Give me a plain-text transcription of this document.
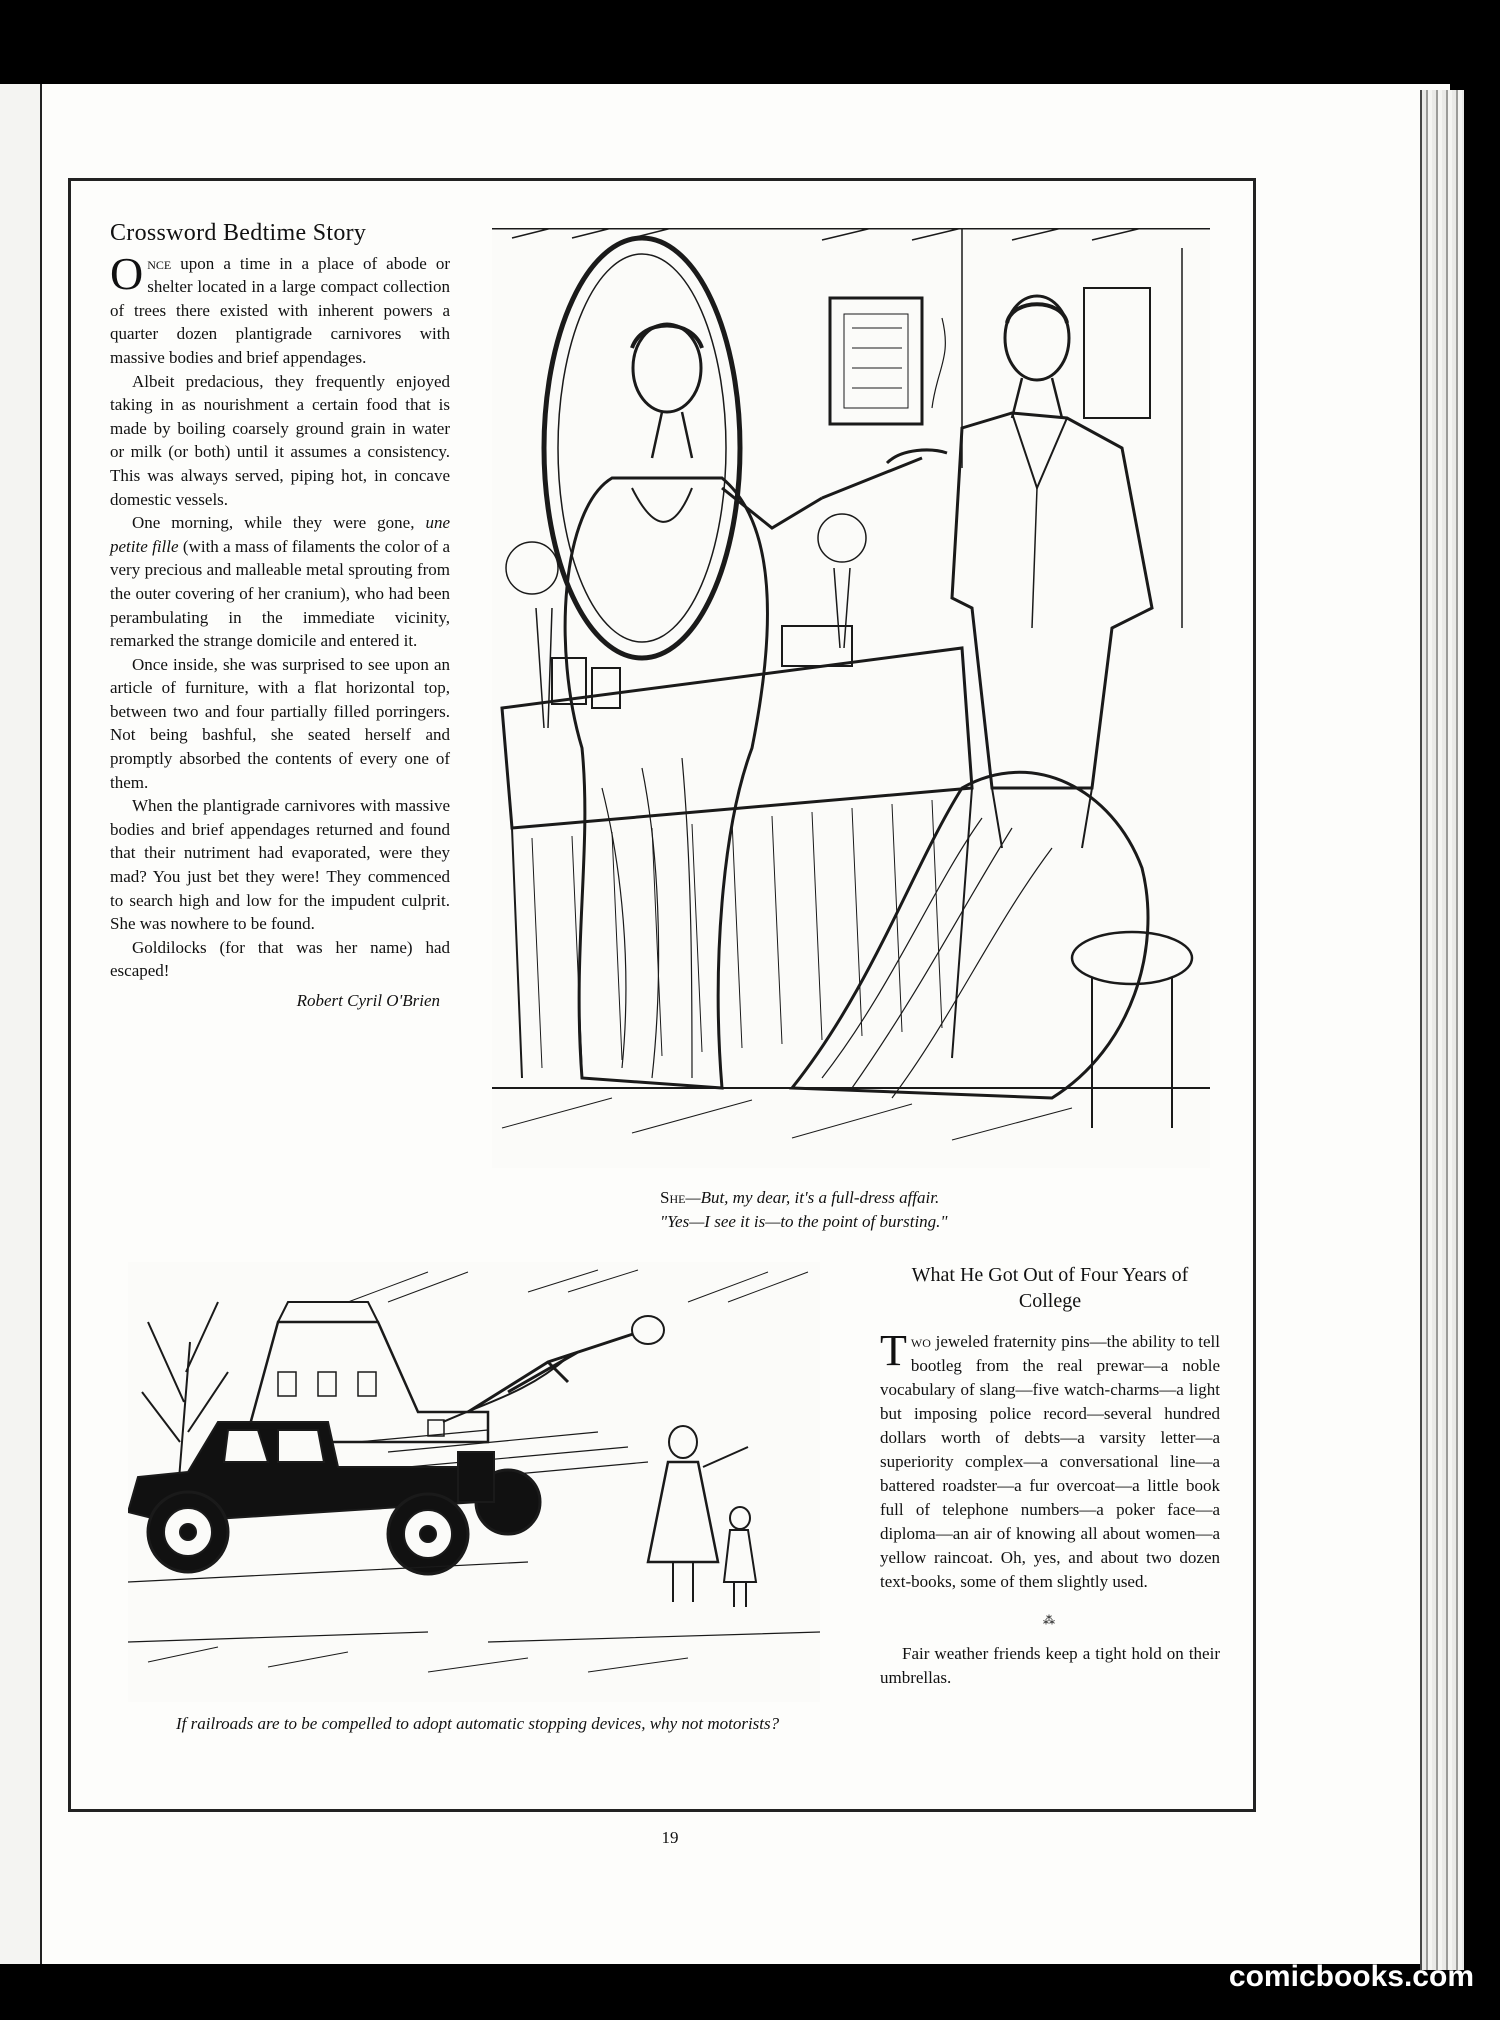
Crossword Bedtime Story

Once upon a time in a place of abode or shelter located in a large compact collection of trees there existed with inherent powers a quarter dozen plantigrade carnivores with massive bodies and brief appendages.

Albeit predacious, they frequently enjoyed taking in as nourishment a certain food that is made by boiling coarsely ground grain in water or milk (or both) until it assumes a consistency. This was always served, piping hot, in concave domestic vessels.

One morning, while they were gone, une petite fille (with a mass of filaments the color of a very precious and malleable metal sprouting from the outer covering of her cranium), who had been perambulating in the immediate vicinity, remarked the strange domicile and entered it.

Once inside, she was surprised to see upon an article of furniture, with a flat horizontal top, between two and four partially filled porringers. Not being bashful, she seated herself and promptly absorbed the contents of every one of them.

When the plantigrade carnivores with massive bodies and brief appendages returned and found that their nutriment had evaporated, were they mad? You just bet they were! They commenced to search high and low for the impudent culprit. She was nowhere to be found.

Goldilocks (for that was her name) had escaped!

Robert Cyril O'Brien

She—But, my dear, it's a full-dress affair.
"Yes—I see it is—to the point of bursting."
If railroads are to be compelled to adopt automatic stopping devices, why not motorists?
What He Got Out of Four Years of College

Two jeweled fraternity pins—the ability to tell bootleg from the real prewar—a noble vocabulary of slang—five watch-charms—a light but imposing police record—several hundred dollars worth of debts—a varsity letter—a superiority complex—a conversational line—a battered roadster—a fur overcoat—a little book full of telephone numbers—a poker face—a diploma—an air of knowing all about women—a yellow raincoat. Oh, yes, and about two dozen text-books, some of them slightly used.

⁂

Fair weather friends keep a tight hold on their umbrellas.

19
comicbooks.com
